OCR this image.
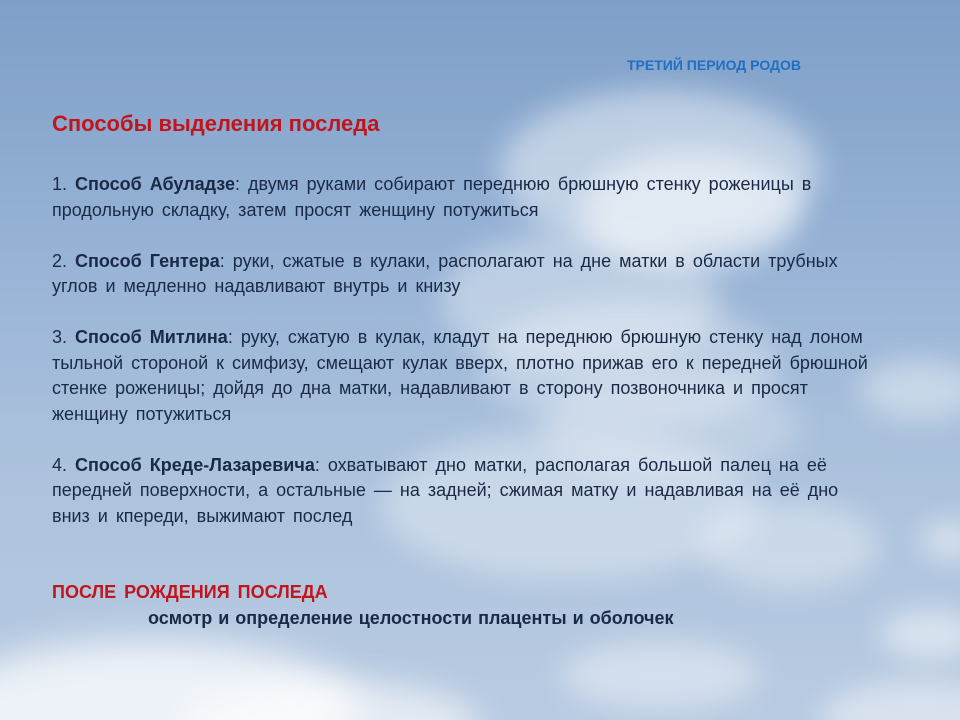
ТРЕТИЙ ПЕРИОД РОДОВ
Способы выделения последа

1. Способ Абуладзе: двумя руками собирают переднюю брюшную стенку роженицы в продольную складку, затем просят женщину потужиться

2. Способ Гентера: руки, сжатые в кулаки, располагают на дне матки в области трубных углов и медленно надавливают внутрь и книзу

3. Способ Митлина: руку, сжатую в кулак, кладут на переднюю брюшную стенку над лоном тыльной стороной к симфизу, смещают кулак вверх, плотно прижав его к передней брюшной стенке роженицы; дойдя до дна матки, надавливают в сторону позвоночника и просят женщину потужиться

4. Способ Креде-Лазаревича: охватывают дно матки, располагая большой палец на её передней поверхности, а остальные — на задней; сжимая матку и надавливая на её дно вниз и кпереди, выжимают послед

ПОСЛЕ РОЖДЕНИЯ ПОСЛЕДА
осмотр и определение целостности плаценты и оболочек
